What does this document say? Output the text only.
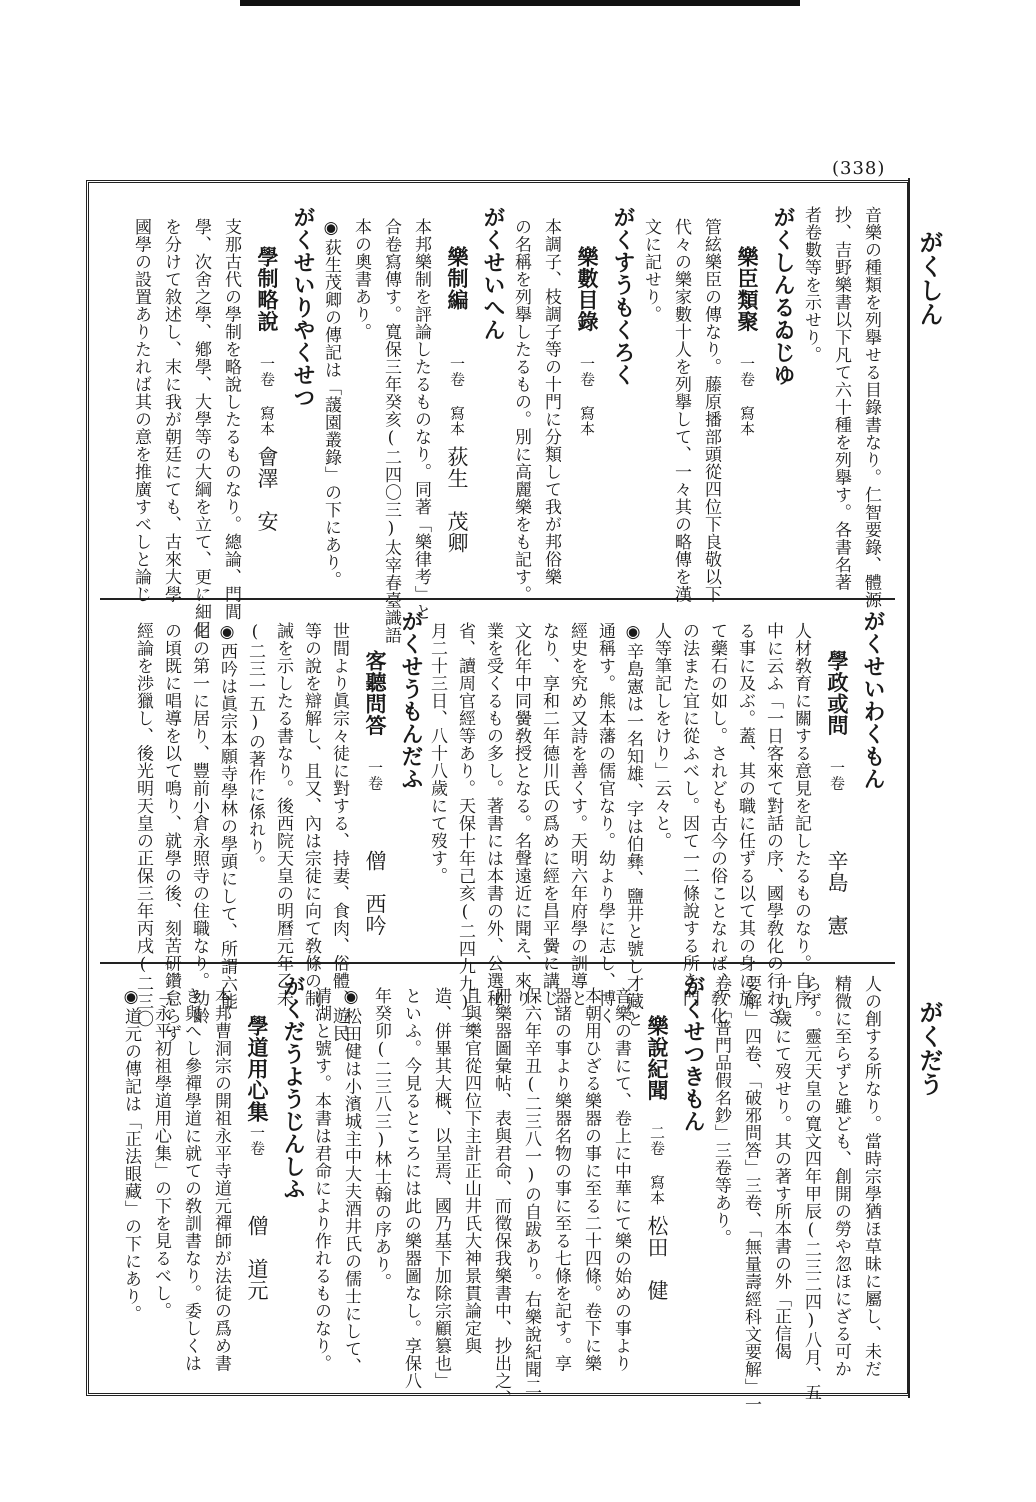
(338)
がくしん
がくだう
音樂の種類を列擧せる目錄書なり。仁智要錄、體源
抄、吉野樂書以下凡て六十種を列擧す。各書名著
者卷數等を示せり。
がくしんるゐじゆ
樂臣類聚
一卷 寫本
管絃樂臣の傳なり。藤原播部頭從四位下良敬以下
代々の樂家數十人を列擧して、一々其の略傳を漢
文に記せり。
がくすうもくろく
樂數目錄
一卷 寫本
本調子、枝調子等の十門に分類して我が邦俗樂
の名稱を列擧したるもの。別に高麗樂をも記す。
がくせいへん
樂制編
一卷 寫本
荻生　茂卿
本邦樂制を評論したるものなり。同著「樂律考」と
合卷寫傳す。寬保三年癸亥(二四〇三)太宰春臺識語
本の奧書あり。
◉荻生茂卿の傳記は「蘐園叢錄」の下にあり。
がくせいりやくせつ
學制略說
一卷 寫本
會澤　安
支那古代の學制を略說したるものなり。總論、門閭
學、次舍之學、鄕學、大學等の大綱を立て、更に細目
を分けて敘述し、末に我が朝廷にても、古來大學
國學の設置ありたれば其の意を推廣すべしと論じ
がくせいわくもん
學政或問
一卷
辛島　憲
人材敎育に關する意見を記したるものなり。自序
中に云ふ「一日客來て對話の序、國學敎化の行れざ
る事に及ぶ。蓋、其の職に任ずる以て其の身に於
て藥石の如し。されども古今の俗ことなれば、敎化
の法また宜に從ふべし。因て一二條說する所を門
人等筆記しをけり」云々と。
◉辛島憲は一名知雄、字は伯彝、鹽井と號し才藏と
通稱す。熊本藩の儒官なり。幼より學に志し、博く
經史を究め又詩を善くす。天明六年府學の訓導と
なり、享和二年德川氏の爲めに經を昌平黌に講じ、
文化年中同黌敎授となる。名聲遠近に聞え、來り
業を受くるもの多し。著書には本書の外、公選秘
省、讀周官經等あり。天保十年己亥(二四九九)二
月二十三日、八十八歲にて歿す。
がくせうもんだふ
客聽問答
一卷
僧　西吟
世間より眞宗々徒に對する、持妻、食肉、俗體、遊民
等の說を辯解し、且又、內は宗徒に向て敎條の制
誡を示したる書なり。後西院天皇の明曆元年乙未
(二三一五)の著作に係れり。
◉西吟は眞宗本願寺學林の學頭にして、所謂六能
化の第一に居り、豐前小倉永照寺の住職なり。幼齡
の頃既に唱導を以て鳴り、就學の後、刻苦研鑽怠らず
經論を渉獵し、後光明天皇の正保三年丙戌(二三〇
人の創する所なり。當時宗學猶ほ草昧に屬し、未だ
精微に至らずと雖ども、創開の勞や忽ほにざる可か
らず。靈元天皇の寬文四年甲辰(二三二四)八月、五
十九歲にて歿せり。其の著す所本書の外「正信偈
要解」四卷、「破邪問答」三卷、「無量壽經科文要解」一
卷、「普門品假名鈔」三卷等あり。
がくせつきもん
樂說紀聞
二卷 寫本
松田　健
音樂の書にて、卷上に中華にて樂の始めの事より
本朝用ひざる樂器の事に至る二十四條。卷下に樂
器諸の事より樂器名物の事に至る七條を記す。享
保六年辛丑(二三八一)の自跋あり。右樂說紀聞二
冊樂器圖彙帖、表與君命、而徵保我樂書中、抄出之、
且與樂官從四位下主計正山井氏大神景貫論定與
造、併畢其大概、以呈焉、國乃基下加除宗顧篡也」
といふ。今見るところには此の樂器圖なし。享保八
年癸卯(二三八三)林士翰の序あり。
◉松田健は小濱城主中大夫酒井氏の儒士にして、
清湖と號す。本書は君命により作れるものなり。
がくだうようじんしふ
學道用心集
一卷
僧　道元
本邦曹洞宗の開祖永平寺道元禪師が法徒の爲め書
き與へし參禪學道に就ての敎訓書なり。委しくは
「永平初祖學道用心集」の下を見るべし。
◉道元の傳記は「正法眼藏」の下にあり。
